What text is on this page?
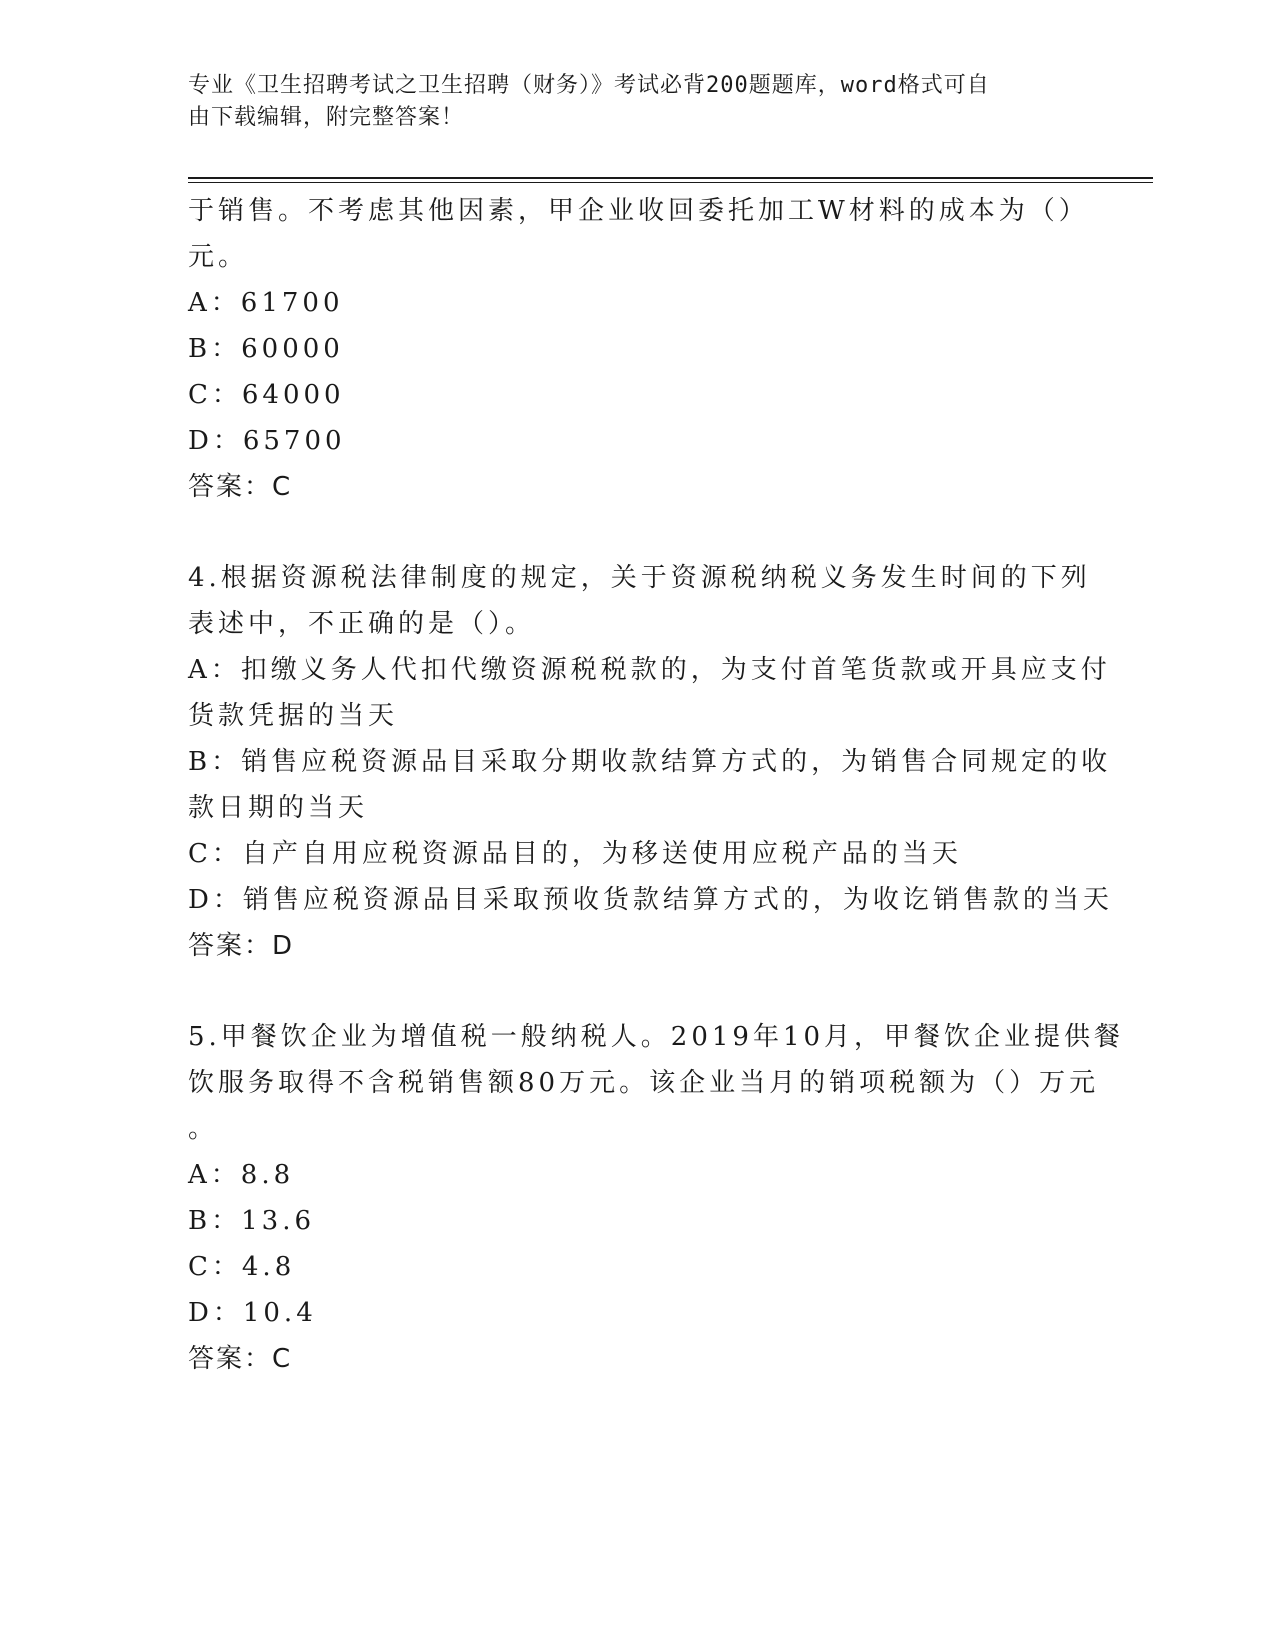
专业《卫生招聘考试之卫生招聘（财务）》考试必背200题题库，word格式可自
由下载编辑，附完整答案！
于销售。不考虑其他因素，甲企业收回委托加工W材料的成本为（）
元。
A：61700
B：60000
C：64000
D：65700
答案：C
4.根据资源税法律制度的规定，关于资源税纳税义务发生时间的下列
表述中，不正确的是（）。
A：扣缴义务人代扣代缴资源税税款的，为支付首笔货款或开具应支付
货款凭据的当天
B：销售应税资源品目采取分期收款结算方式的，为销售合同规定的收
款日期的当天
C：自产自用应税资源品目的，为移送使用应税产品的当天
D：销售应税资源品目采取预收货款结算方式的，为收讫销售款的当天
答案：D
5.甲餐饮企业为增值税一般纳税人。2019年10月，甲餐饮企业提供餐
饮服务取得不含税销售额80万元。该企业当月的销项税额为（）万元
。
A：8.8
B：13.6
C：4.8
D：10.4
答案：C
